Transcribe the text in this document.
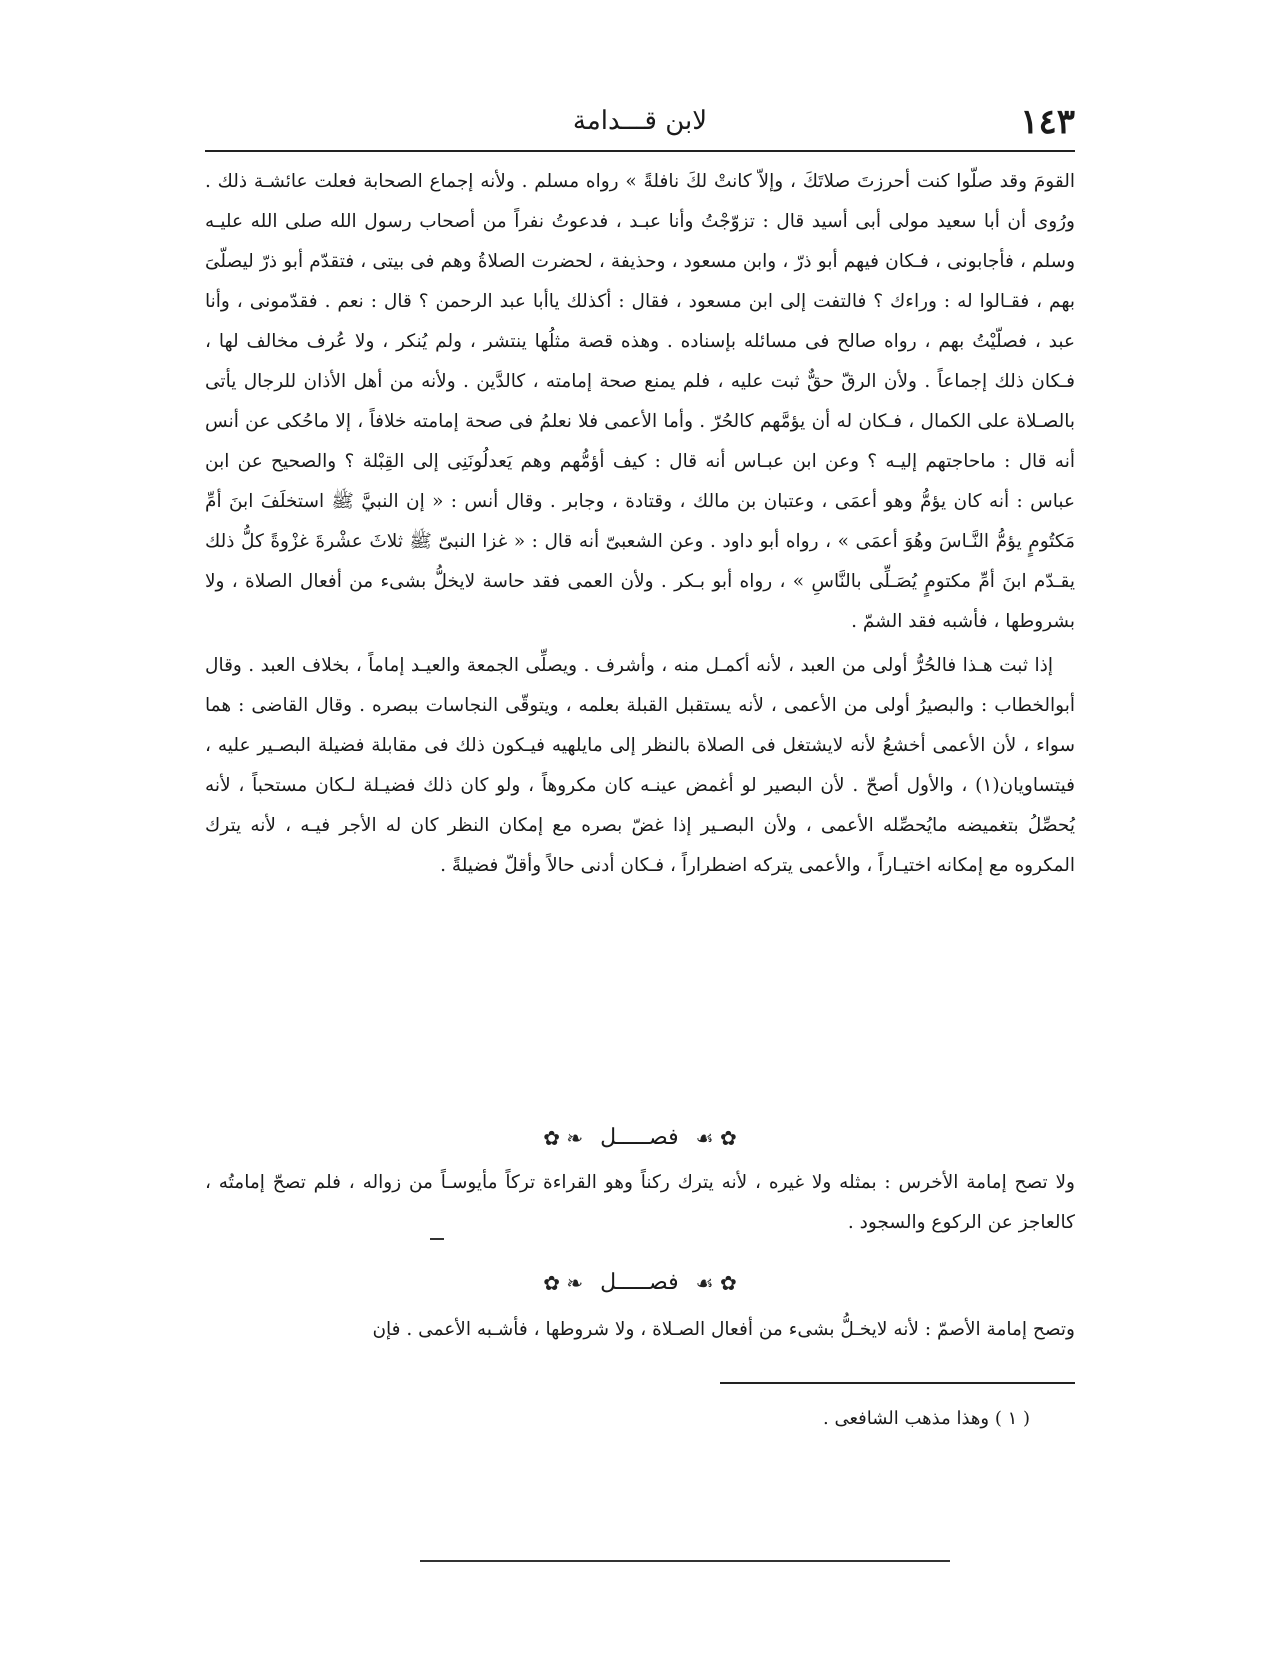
١٤٣
لابن قـــدامة

القومَ وقد صلّوا كنت أحرزتَ صلاتَكَ ، وإلاّ كانتْ لكَ نافلةً » رواه مسلم . ولأنه إجماع الصحابة فعلت عائشـة ذلك . ورُوى أن أبا سعيد مولى أبى أسيد قال : تزوّجْتُ وأنا عبـد ، فدعوتُ نفراً من أصحاب رسول الله صلى الله عليـه وسلم ، فأجابونى ، فـكان فيهم أبو ذرّ ، وابن مسعود ، وحذيفة ، لحضرت الصلاةُ وهم فى بيتى ، فتقدّم أبو ذرّ ليصلّىَ بهم ، فقـالوا له : وراءك ؟ فالتفت إلى ابن مسعود ، فقال : أكذلك ياأبا عبد الرحمن ؟ قال : نعم . فقدّمونى ، وأنا عبد ، فصلّيْتُ بهم ، رواه صالح فى مسائله بإسناده . وهذه قصة مثلُها ينتشر ، ولم يُنكر ، ولا عُرف مخالف لها ، فـكان ذلك إجماعاً . ولأن الرقّ حقٌّ ثبت عليه ، فلم يمنع صحة إمامته ، كالدَّين . ولأنه من أهل الأذان للرجال يأتى بالصـلاة على الكمال ، فـكان له أن يؤمَّهم كالحُرّ . وأما الأعمى فلا نعلمُ فى صحة إمامته خلافاً ، إلا ماحُكى عن أنس أنه قال : ماحاجتهم إليـه ؟ وعن ابن عبـاس أنه قال : كيف أؤمُّهم وهم يَعدلُونَنِى إلى القِبْلة ؟ والصحيح عن ابن عباس : أنه كان يؤمُّ وهو أعمَى ، وعتبان بن مالك ، وقتادة ، وجابر . وقال أنس : « إن النبيَّ ﷺ استخلَفَ ابنَ أمِّ مَكتُومٍ يؤمُّ النَّـاسَ وهُوَ أعمَى » ، رواه أبو داود . وعن الشعبىّ أنه قال : « غزا النبىّ ﷺ ثلاثَ عشْرةَ غزْوةً كلُّ ذلك يقـدّم ابنَ أمِّ مكتومٍ يُصَـلِّى بالنَّاسِ » ، رواه أبو بـكر . ولأن العمى فقد حاسة لايخلُّ بشىء من أفعال الصلاة ، ولا بشروطها ، فأشبه فقد الشمّ .

إذا ثبت هـذا فالحُرُّ أولى من العبد ، لأنه أكمـل منه ، وأشرف . ويصلِّى الجمعة والعيـد إماماً ، بخلاف العبد . وقال أبوالخطاب : والبصيرُ أولى من الأعمى ، لأنه يستقبل القبلة بعلمه ، ويتوقّى النجاسات ببصره . وقال القاضى : هما سواء ، لأن الأعمى أخشعُ لأنه لايشتغل فى الصلاة بالنظر إلى مايلهيه فيـكون ذلك فى مقابلة فضيلة البصـير عليه ، فيتساويان(١) ، والأول أصحّ . لأن البصير لو أغمض عينـه كان مكروهاً ، ولو كان ذلك فضيـلة لـكان مستحباً ، لأنه يُحصِّلُ بتغميضه مايُحصِّله الأعمى ، ولأن البصـير إذا غضّ بصره مع إمكان النظر كان له الأجر فيـه ، لأنه يترك المكروه مع إمكانه اختيـاراً ، والأعمى يتركه اضطراراً ، فـكان أدنى حالاً وأقلّ فضيلةً .

✿ ☙ فصـــــل ❧ ✿
ولا تصح إمامة الأخرس : بمثله ولا غيره ، لأنه يترك ركناً وهو القراءة تركاً مأيوسـاً من زواله ، فلم تصحّ إمامتُه ، كالعاجز عن الركوع والسجود .
✿ ☙ فصـــــل ❧ ✿
وتصح إمامة الأصمّ : لأنه لايخـلُّ بشىء من أفعال الصـلاة ، ولا شروطها ، فأشـبه الأعمى . فإن
( ١ ) وهذا مذهب الشافعى .
